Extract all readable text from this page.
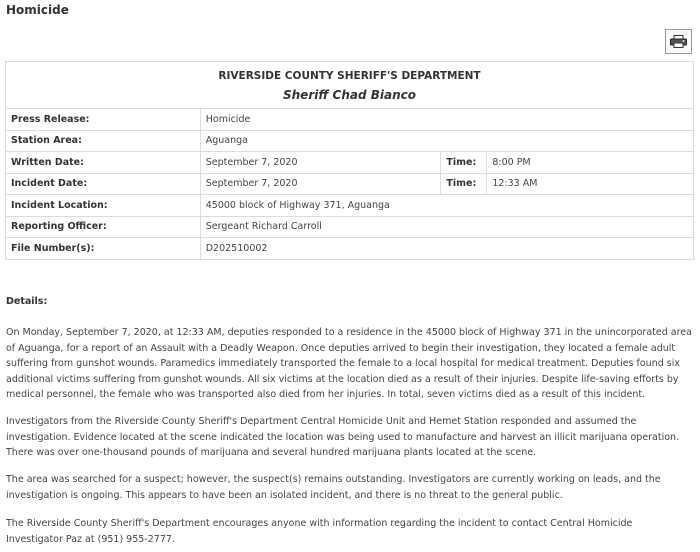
Homicide
RIVERSIDE COUNTY SHERIFF'S DEPARTMENT
Sheriff Chad Bianco			

Press Release:	Homicide		
Station Area:	Aguanga		
Written Date:	September 7, 2020	Time:	8:00 PM
Incident Date:	September 7, 2020	Time:	12:33 AM
Incident Location:	45000 block of Highway 371, Aguanga		
Reporting Officer:	Sergeant Richard Carroll		
File Number(s):	D202510002		
Details:

On Monday, September 7, 2020, at 12:33 AM, deputies responded to a residence in the 45000 block of Highway 371 in the unincorporated area of Aguanga, for a report of an Assault with a Deadly Weapon. Once deputies arrived to begin their investigation, they located a female adult suffering from gunshot wounds. Paramedics immediately transported the female to a local hospital for medical treatment. Deputies found six additional victims suffering from gunshot wounds. All six victims at the location died as a result of their injuries. Despite life-saving efforts by medical personnel, the female who was transported also died from her injuries. In total, seven victims died as a result of this incident.

Investigators from the Riverside County Sheriff's Department Central Homicide Unit and Hemet Station responded and assumed the investigation. Evidence located at the scene indicated the location was being used to manufacture and harvest an illicit marijuana operation. There was over one-thousand pounds of marijuana and several hundred marijuana plants located at the scene.

The area was searched for a suspect; however, the suspect(s) remains outstanding. Investigators are currently working on leads, and the investigation is ongoing. This appears to have been an isolated incident, and there is no threat to the general public.

The Riverside County Sheriff's Department encourages anyone with information regarding the incident to contact Central Homicide Investigator Paz at (951) 955-2777.
